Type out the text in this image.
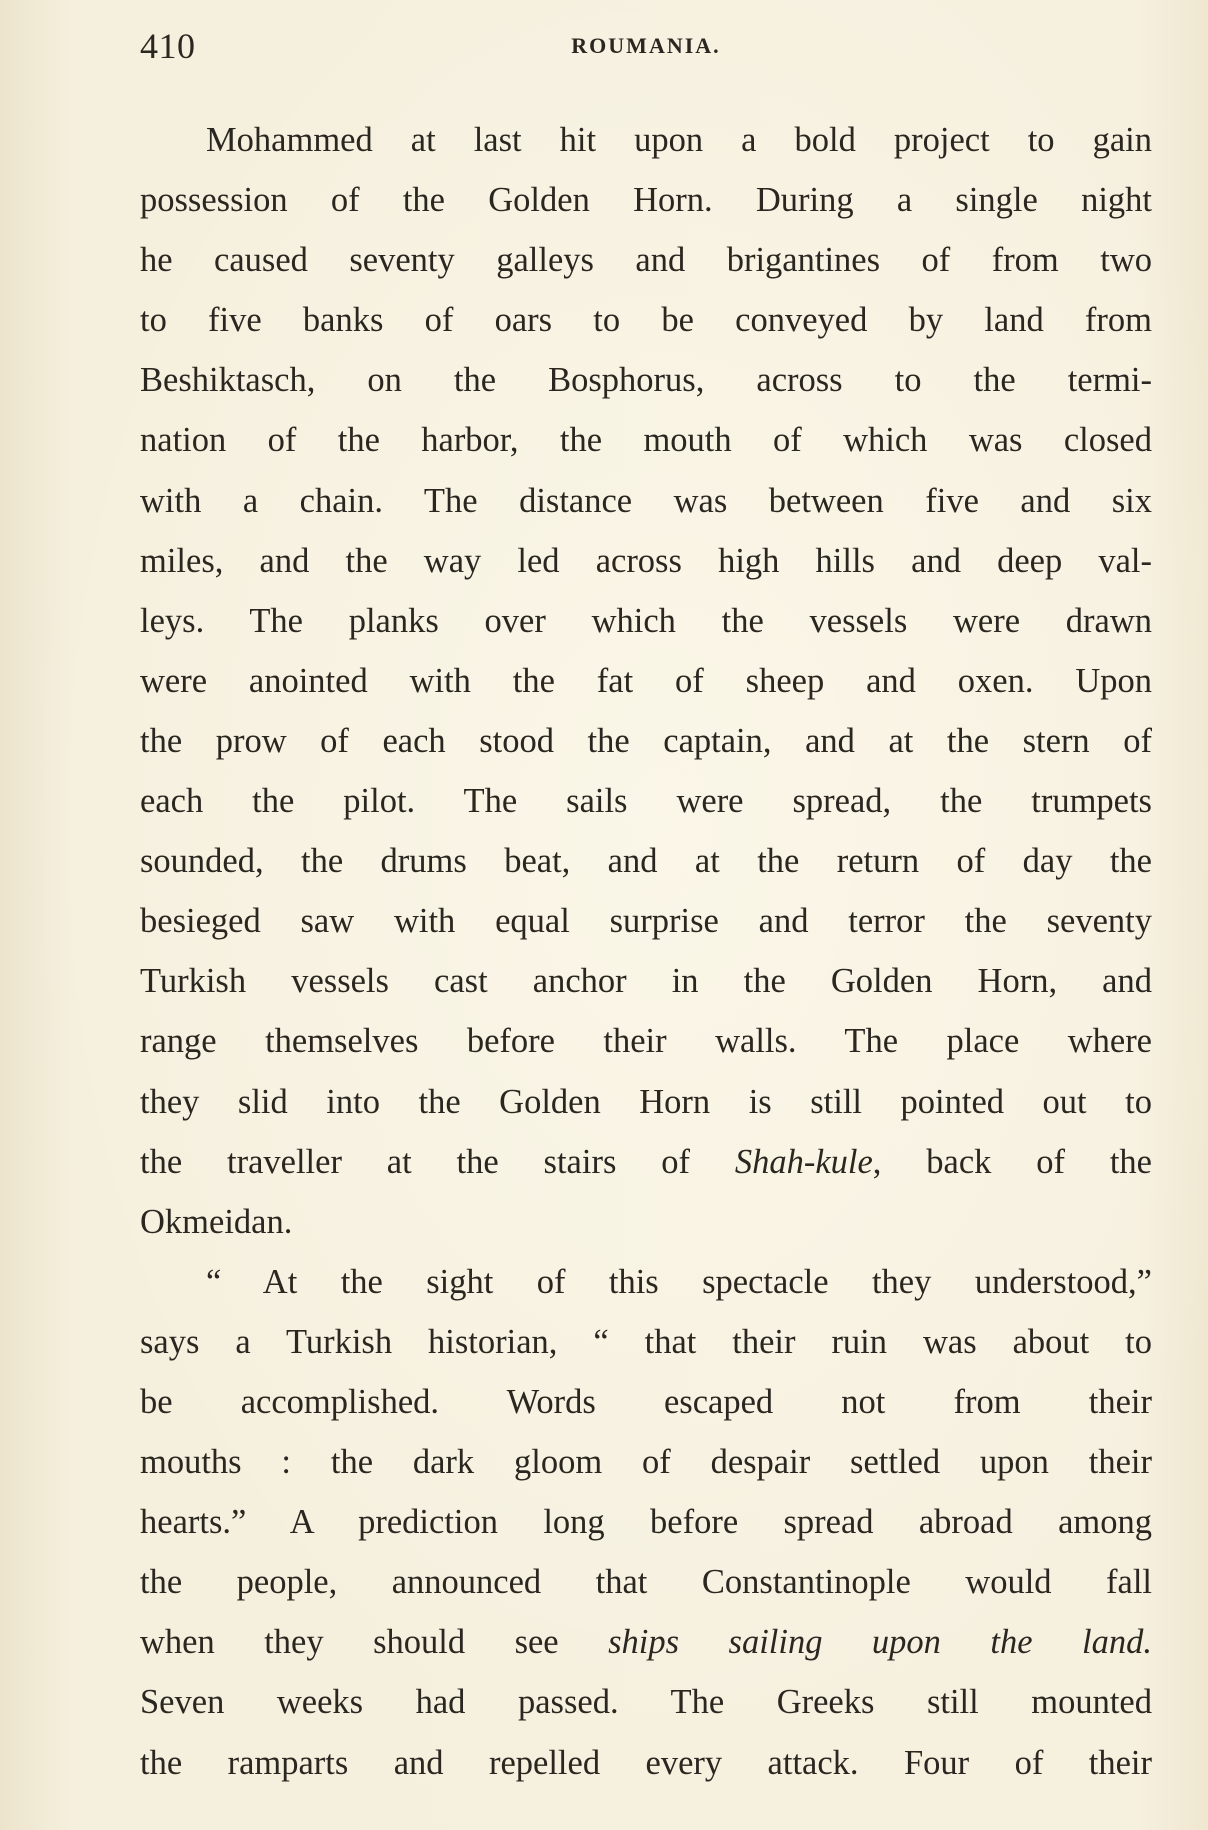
410	ROUMANIA.
Mohammed at last hit upon a bold project to gain
possession of the Golden Horn. During a single night
he caused seventy galleys and brigantines of from two
to five banks of oars to be conveyed by land from
Beshiktasch, on the Bosphorus, across to the termi-
nation of the harbor, the mouth of which was closed
with a chain. The distance was between five and six
miles, and the way led across high hills and deep val-
leys. The planks over which the vessels were drawn
were anointed with the fat of sheep and oxen. Upon
the prow of each stood the captain, and at the stern of
each the pilot. The sails were spread, the trumpets
sounded, the drums beat, and at the return of day the
besieged saw with equal surprise and terror the seventy
Turkish vessels cast anchor in the Golden Horn, and
range themselves before their walls. The place where
they slid into the Golden Horn is still pointed out to
the traveller at the stairs of Shah-kule, back of the
Okmeidan.
“ At the sight of this spectacle they understood,”
says a Turkish historian, “ that their ruin was about to
be accomplished. Words escaped not from their
mouths : the dark gloom of despair settled upon their
hearts.” A prediction long before spread abroad among
the people, announced that Constantinople would fall
when they should see ships sailing upon the land.
Seven weeks had passed. The Greeks still mounted
the ramparts and repelled every attack. Four of their
